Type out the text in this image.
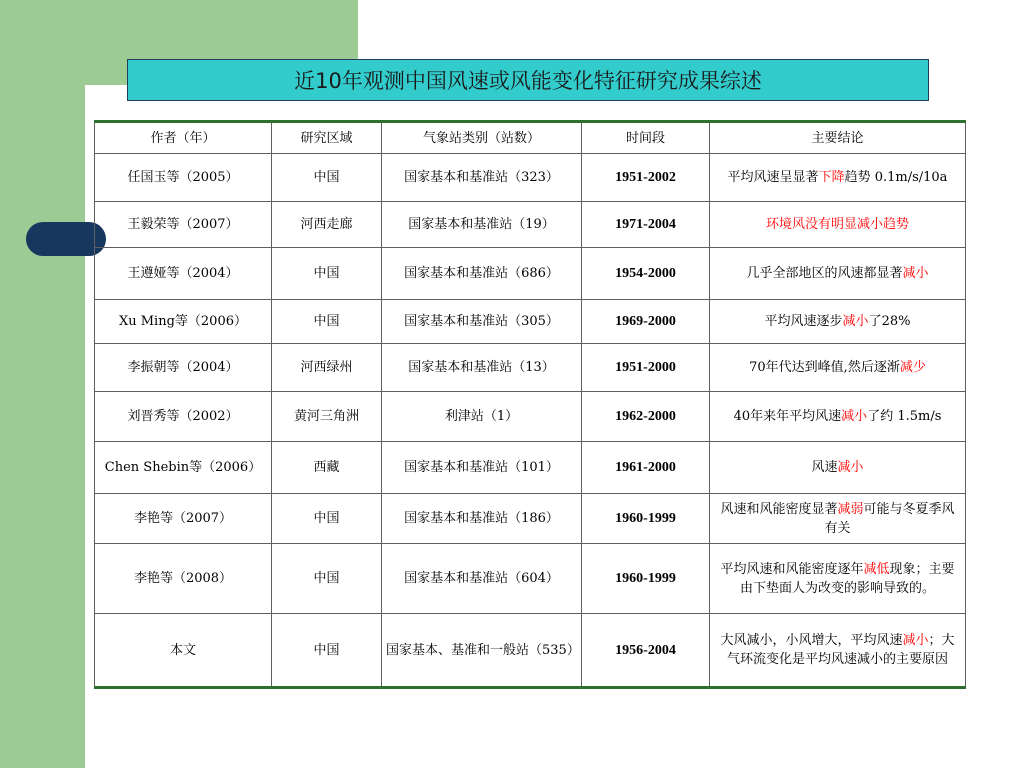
近10年观测中国风速或风能变化特征研究成果综述
作者（年）	研究区域	气象站类别（站数）	时间段	主要结论
任国玉等（2005）	中国	国家基本和基准站（323）	1951-2002	平均风速呈显著下降趋势 0.1m/s/10a
王毅荣等（2007）	河西走廊	国家基本和基准站（19）	1971-2004	环境风没有明显减小趋势
王遵娅等（2004）	中国	国家基本和基准站（686）	1954-2000	几乎全部地区的风速都显著减小
Xu Ming等（2006）	中国	国家基本和基准站（305）	1969-2000	平均风速逐步减小了28%
李振朝等（2004）	河西绿州	国家基本和基准站（13）	1951-2000	70年代达到峰值,然后逐渐减少
刘晋秀等（2002）	黄河三角洲	利津站（1）	1962-2000	40年来年平均风速减小了约 1.5m/s
Chen Shebin等（2006）	西藏	国家基本和基准站（101）	1961-2000	风速减小
李艳等（2007）	中国	国家基本和基准站（186）	1960-1999	风速和风能密度显著减弱可能与冬夏季风有关
李艳等（2008）	中国	国家基本和基准站（604）	1960-1999	平均风速和风能密度逐年减低现象；主要由下垫面人为改变的影响导致的。
本文	中国	国家基本、基准和一般站（535）	1956-2004	大风减小，小风增大，平均风速减小；大气环流变化是平均风速减小的主要原因
